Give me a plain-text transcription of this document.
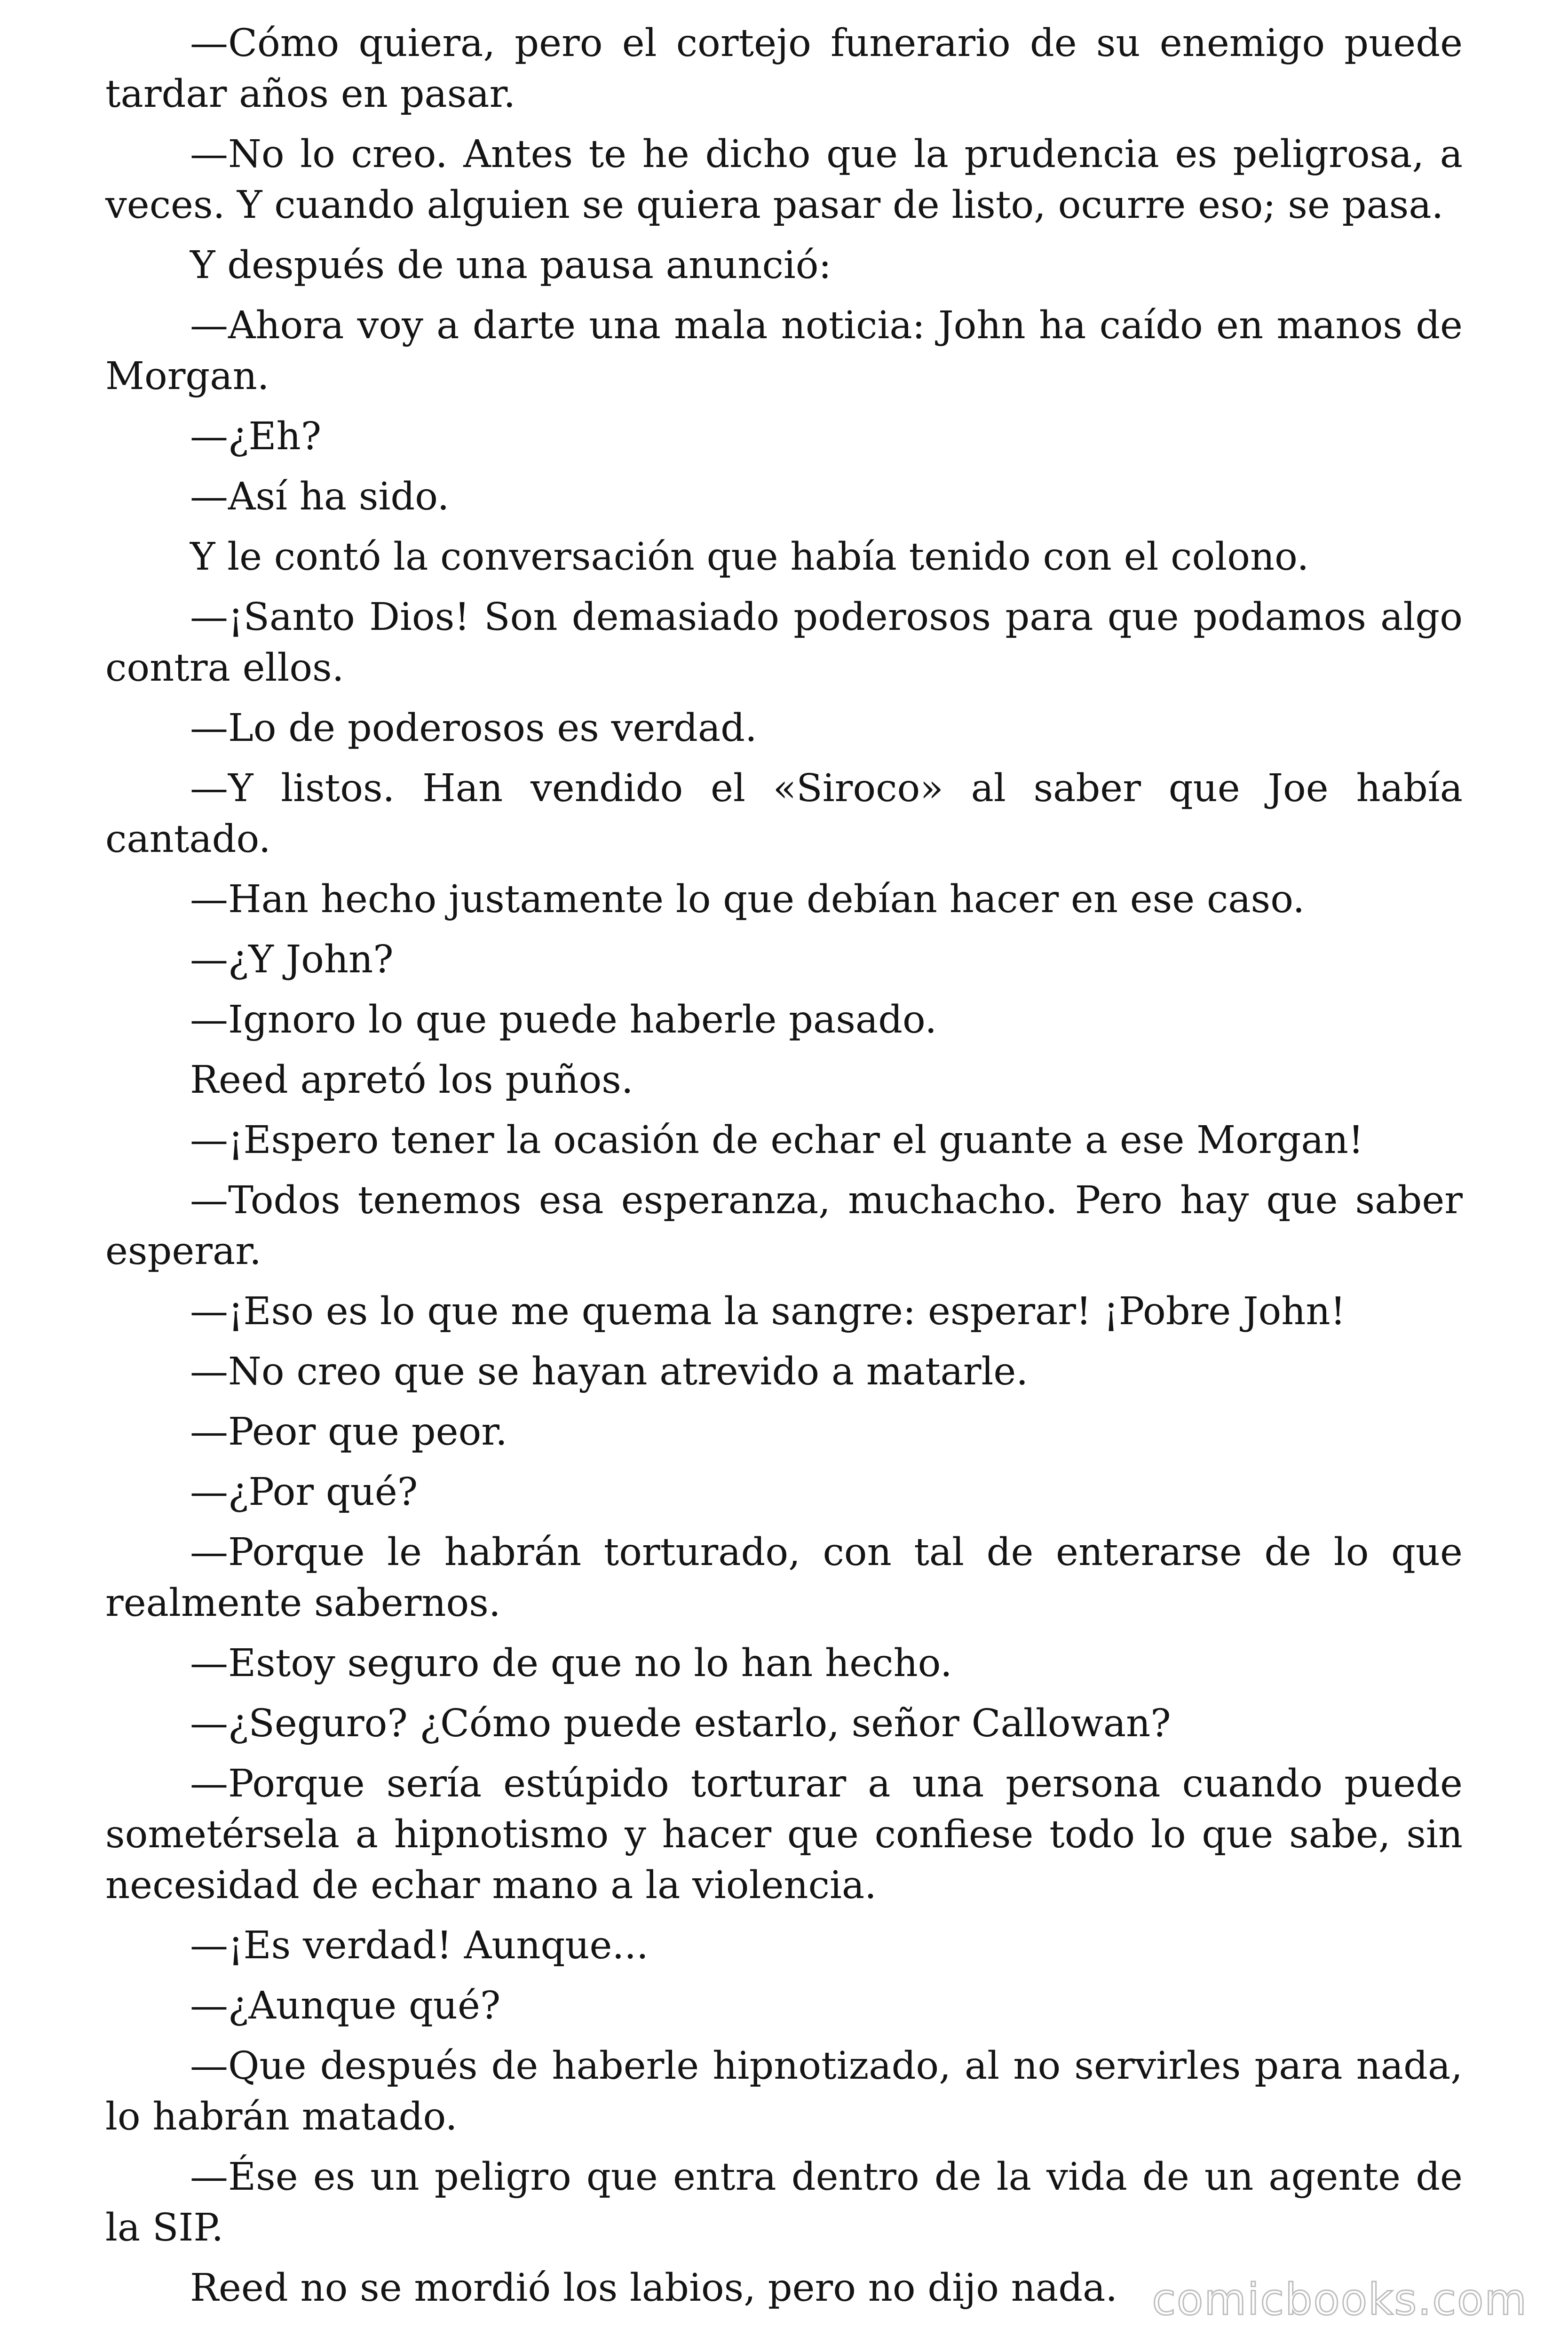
—Cómo quiera, pero el cortejo funerario de su enemigo puede tardar años en pasar.

—No lo creo. Antes te he dicho que la prudencia es peligrosa, a veces. Y cuando alguien se quiera pasar de listo, ocurre eso; se pasa.

Y después de una pausa anunció:

—Ahora voy a darte una mala noticia: John ha caído en manos de Morgan.

—¿Eh?

—Así ha sido.

Y le contó la conversación que había tenido con el colono.

—¡Santo Dios! Son demasiado poderosos para que podamos algo contra ellos.

—Lo de poderosos es verdad.

—Y listos. Han vendido el «Siroco» al saber que Joe había cantado.

—Han hecho justamente lo que debían hacer en ese caso.

—¿Y John?

—Ignoro lo que puede haberle pasado.

Reed apretó los puños.

—¡Espero tener la ocasión de echar el guante a ese Morgan!

—Todos tenemos esa esperanza, muchacho. Pero hay que saber esperar.

—¡Eso es lo que me quema la sangre: esperar! ¡Pobre John!

—No creo que se hayan atrevido a matarle.

—Peor que peor.

—¿Por qué?

—Porque le habrán torturado, con tal de enterarse de lo que realmente sabernos.

—Estoy seguro de que no lo han hecho.

—¿Seguro? ¿Cómo puede estarlo, señor Callowan?

—Porque sería estúpido torturar a una persona cuando puede sometérsela a hipnotismo y hacer que confiese todo lo que sabe, sin necesidad de echar mano a la violencia.

—¡Es verdad! Aunque...

—¿Aunque qué?

—Que después de haberle hipnotizado, al no servirles para nada, lo habrán matado.

—Ése es un peligro que entra dentro de la vida de un agente de la SIP.

Reed no se mordió los labios, pero no dijo nada. comicbooks.com
